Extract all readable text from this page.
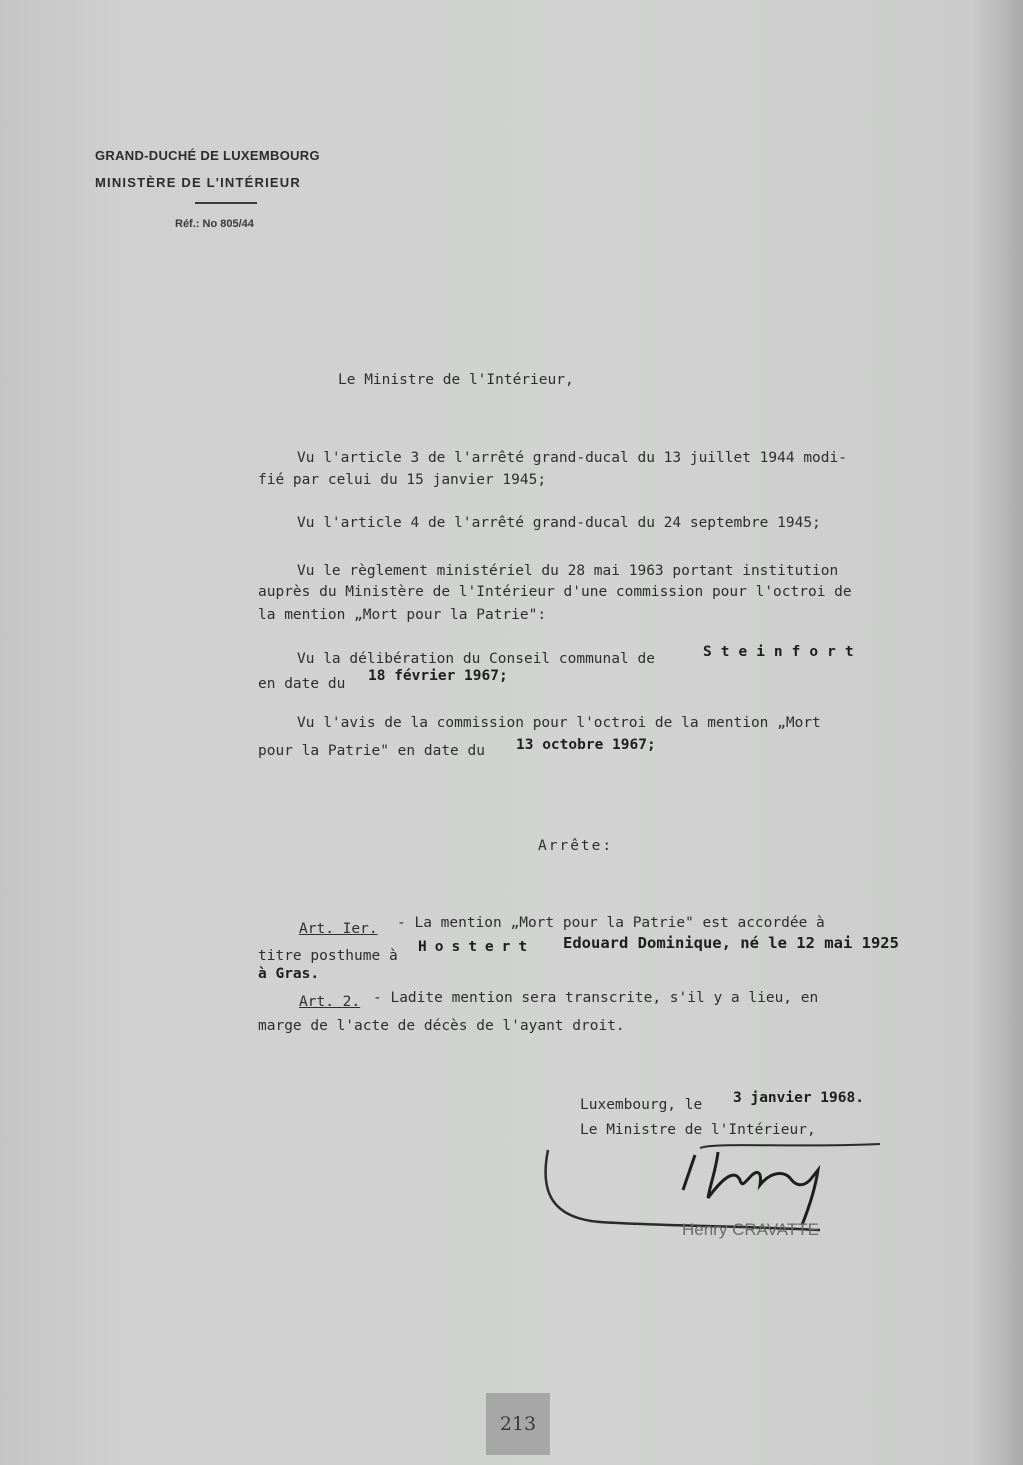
GRAND-DUCHÉ DE LUXEMBOURG
MINISTÈRE DE L'INTÉRIEUR
Réf.: No 805/44
Le Ministre de l'Intérieur,
Vu l'article 3 de l'arrêté grand-ducal du 13 juillet 1944 modi-
fié par celui du 15 janvier 1945;
Vu l'article 4 de l'arrêté grand-ducal du 24 septembre 1945;
Vu le règlement ministériel du 28 mai 1963 portant institution
auprès du Ministère de l'Intérieur d'une commission pour l'octroi de
la mention „Mort pour la Patrie":
Vu la délibération du Conseil communal de	Steinfort
en date du 18 février 1967;
Vu l'avis de la commission pour l'octroi de la mention „Mort
pour la Patrie" en date du 13 octobre 1967;
Arrête:
Art. Ier. - La mention „Mort pour la Patrie" est accordée à
titre posthume à
Hostert Edouard Dominique, né le 12 mai 1925
à Gras.
Art. 2. - Ladite mention sera transcrite, s'il y a lieu, en
marge de l'acte de décès de l'ayant droit.
Luxembourg, le 3 janvier 1968.
Le Ministre de l'Intérieur,
Henry CRAVATTE
213
